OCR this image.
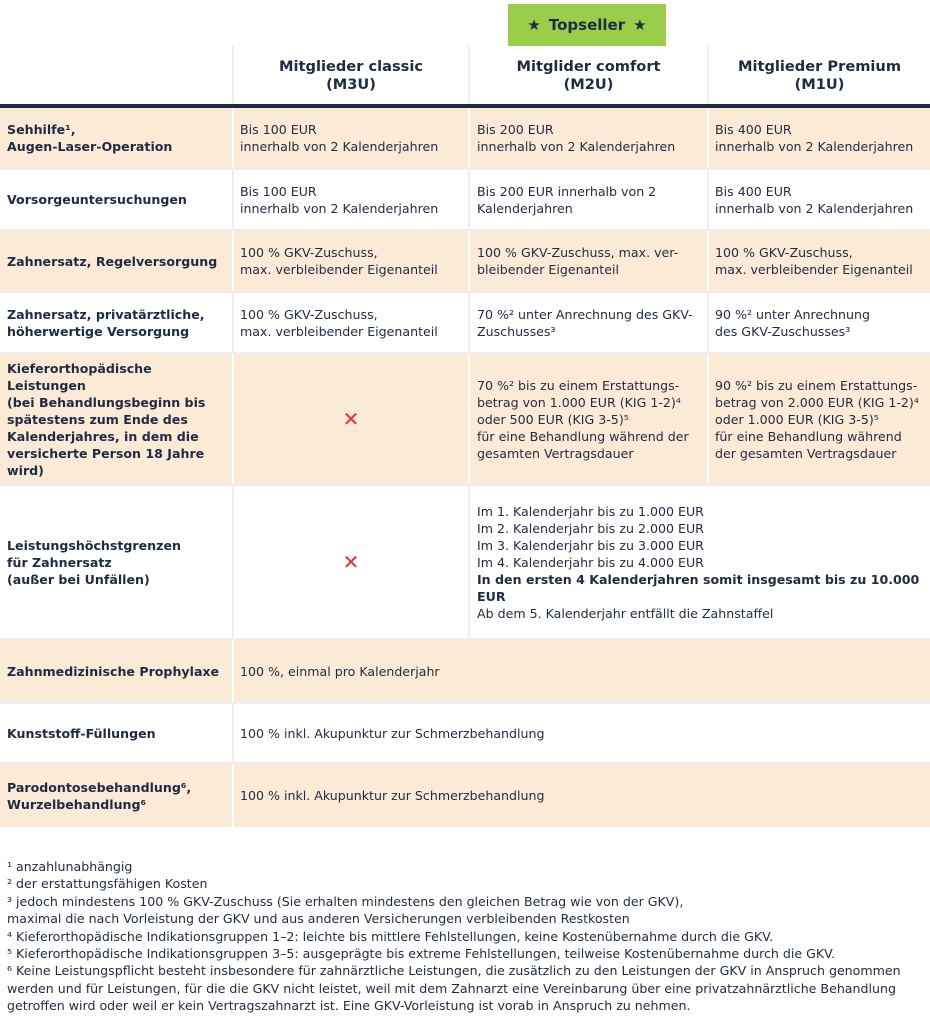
★ Topseller ★
Mitglieder classic
(M3U)
Mitglider comfort
(M2U)
Mitglieder Premium
(M1U)
Sehhilfe¹,
Augen-Laser-Operation
Bis 100 EUR
innerhalb von 2 Kalenderjahren
Bis 200 EUR
innerhalb von 2 Kalenderjahren
Bis 400 EUR
innerhalb von 2 Kalenderjahren
Vorsorgeuntersuchungen
Bis 100 EUR
innerhalb von 2 Kalenderjahren
Bis 200 EUR innerhalb von 2
Kalenderjahren
Bis 400 EUR
innerhalb von 2 Kalenderjahren
Zahnersatz, Regelversorgung
100 % GKV-Zuschuss,
max. verbleibender Eigenanteil
100 % GKV-Zuschuss, max. ver-
bleibender Eigenanteil
100 % GKV-Zuschuss,
max. verbleibender Eigenanteil
Zahnersatz, privatärztliche,
höherwertige Versorgung
100 % GKV-Zuschuss,
max. verbleibender Eigenanteil
70 %² unter Anrechnung des GKV-
Zuschusses³
90 %² unter Anrechnung
des GKV-Zuschusses³
Kieferorthopädische Leistungen
(bei Behandlungsbeginn bis
spätestens zum Ende des
Kalenderjahres, in dem die
versicherte Person 18 Jahre wird)
✕
70 %² bis zu einem Erstattungs-
betrag von 1.000 EUR (KIG 1-2)⁴
oder 500 EUR (KIG 3-5)⁵
für eine Behandlung während der
gesamten Vertragsdauer
90 %² bis zu einem Erstattungs-
betrag von 2.000 EUR (KIG 1-2)⁴
oder 1.000 EUR (KIG 3-5)⁵
für eine Behandlung während
der gesamten Vertragsdauer
Leistungshöchstgrenzen
für Zahnersatz
(außer bei Unfällen)
✕
Im 1. Kalenderjahr bis zu 1.000 EUR
Im 2. Kalenderjahr bis zu 2.000 EUR
Im 3. Kalenderjahr bis zu 3.000 EUR
Im 4. Kalenderjahr bis zu 4.000 EUR
In den ersten 4 Kalenderjahren somit insgesamt bis zu 10.000 EUR
Ab dem 5. Kalenderjahr entfällt die Zahnstaffel
Zahnmedizinische Prophylaxe 100 %, einmal pro Kalenderjahr
Kunststoff-Füllungen	100 % inkl. Akupunktur zur Schmerzbehandlung
Parodontosebehandlung⁶,
Wurzelbehandlung⁶
100 % inkl. Akupunktur zur Schmerzbehandlung
¹ anzahlunabhängig
² der erstattungsfähigen Kosten
³ jedoch mindestens 100 % GKV-Zuschuss (Sie erhalten mindestens den gleichen Betrag wie von der GKV),
maximal die nach Vorleistung der GKV und aus anderen Versicherungen verbleibenden Restkosten
⁴ Kieferorthopädische Indikationsgruppen 1–2: leichte bis mittlere Fehlstellungen, keine Kostenübernahme durch die GKV.
⁵ Kieferorthopädische Indikationsgruppen 3–5: ausgeprägte bis extreme Fehlstellungen, teilweise Kostenübernahme durch die GKV.
⁶ Keine Leistungspflicht besteht insbesondere für zahnärztliche Leistungen, die zusätzlich zu den Leistungen der GKV in Anspruch genommen
werden und für Leistungen, für die die GKV nicht leistet, weil mit dem Zahnarzt eine Vereinbarung über eine privatzahnärztliche Behandlung
getroffen wird oder weil er kein Vertragszahnarzt ist. Eine GKV-Vorleistung ist vorab in Anspruch zu nehmen.
